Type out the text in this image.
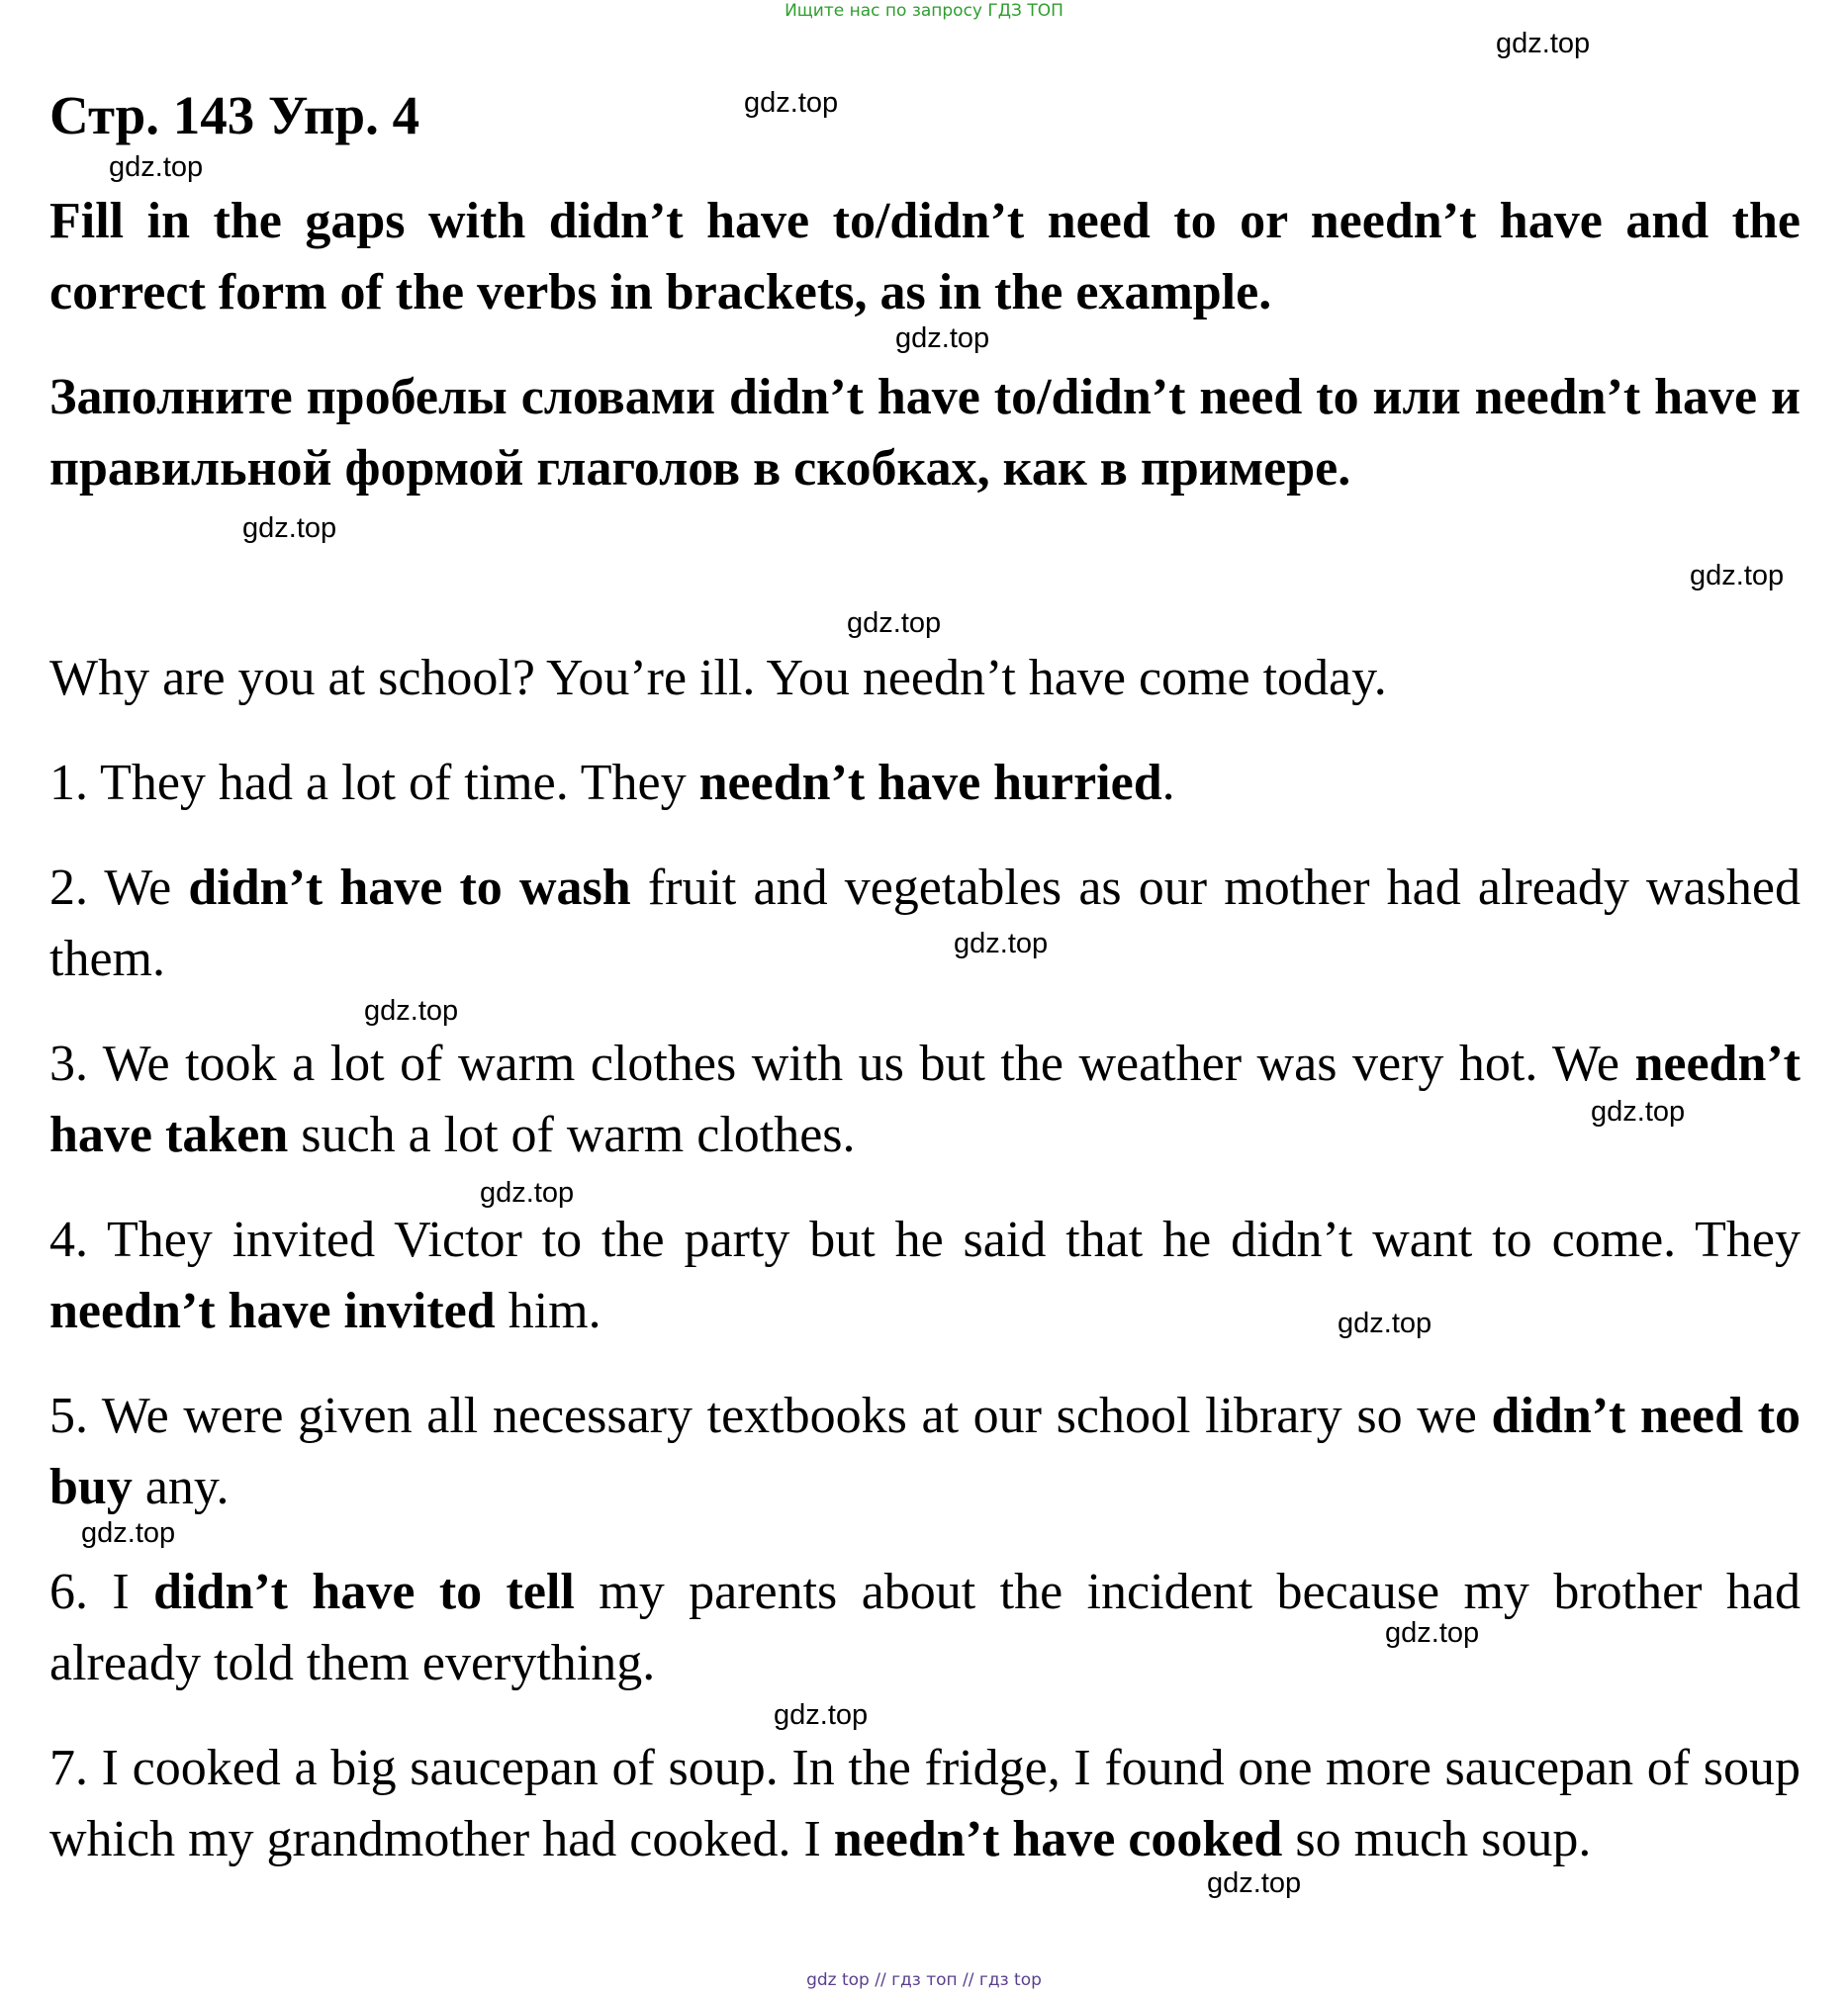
Ищите нас по запросу ГДЗ ТОП
Стр. 143 Упр. 4
Fill in the gaps with didn’t have to/didn’t need to or needn’t have and the correct form of the verbs in brackets, as in the example.
Заполните пробелы словами didn’t have to/didn’t need to или needn’t have и правильной формой глаголов в скобках, как в примере.
Why are you at school? You’re ill. You needn’t have come today.
1. They had a lot of time. They needn’t have hurried.
2. We didn’t have to wash fruit and vegetables as our mother had already washed them.
3. We took a lot of warm clothes with us but the weather was very hot. We needn’t have taken such a lot of warm clothes.
4. They invited Victor to the party but he said that he didn’t want to come. They needn’t have invited him.
5. We were given all necessary textbooks at our school library so we didn’t need to buy any.
6. I didn’t have to tell my parents about the incident because my brother had already told them everything.
7. I cooked a big saucepan of soup. In the fridge, I found one more saucepan of soup which my grandmother had cooked. I needn’t have cooked so much soup.
gdz.top
gdz.top
gdz.top
gdz.top
gdz.top
gdz.top
gdz.top
gdz.top
gdz.top
gdz.top
gdz.top
gdz.top
gdz.top
gdz.top
gdz.top
gdz.top
gdz top // гдз топ // гдз top
